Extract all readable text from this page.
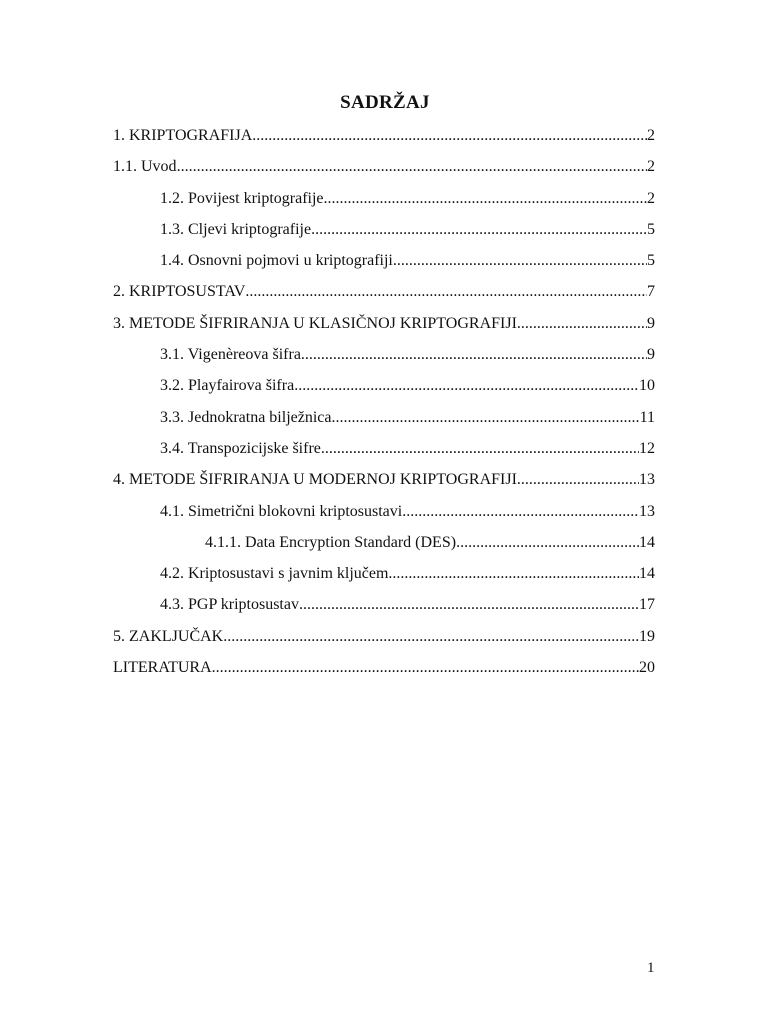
SADRŽAJ
1. KRIPTOGRAFIJA .....	2
1.1. Uvod .....	2
1.2. Povijest kriptografije .....	2
1.3. Cljevi kriptografije .....	5
1.4. Osnovni pojmovi u kriptografiji .....	5
2. KRIPTOSUSTAV .....	7
3. METODE ŠIFRIRANJA U KLASIČNOJ KRIPTOGRAFIJI .....	9
3.1. Vigenèreova šifra .....	9
3.2. Playfairova šifra .....	10
3.3. Jednokratna bilježnica .....	11
3.4. Transpozicijske šifre .....	12
4. METODE ŠIFRIRANJA U MODERNOJ KRIPTOGRAFIJI .....	13
4.1. Simetrični blokovni kriptosustavi .....	13
4.1.1. Data Encryption Standard (DES) .....	14
4.2. Kriptosustavi s javnim ključem .....	14
4.3. PGP kriptosustav .....	17
5. ZAKLJUČAK .....	19
LITERATURA .....	20
1
